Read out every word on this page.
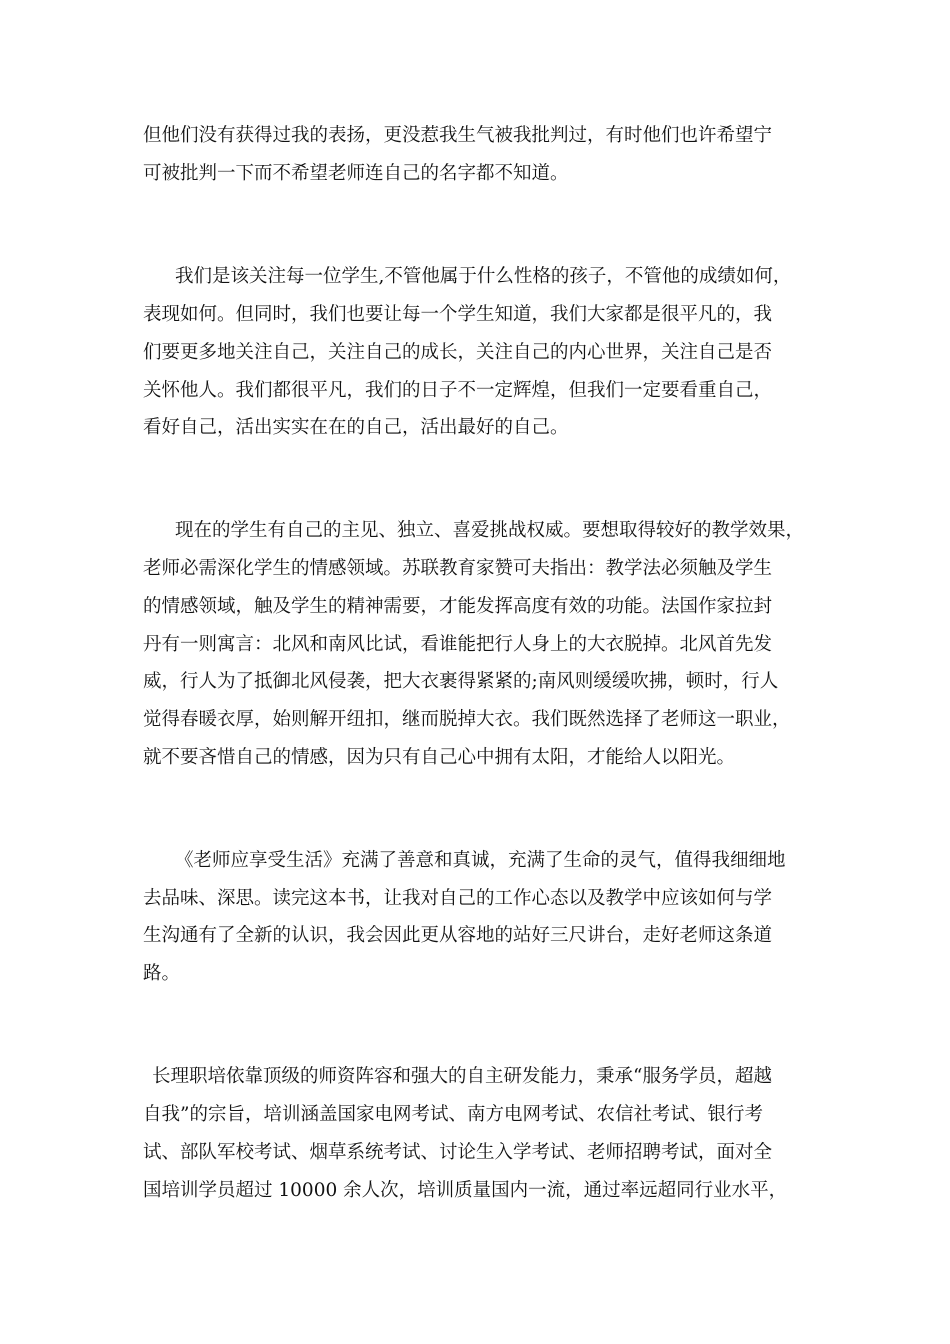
但他们没有获得过我的表扬，更没惹我生气被我批判过，有时他们也许希望宁

可被批判一下而不希望老师连自己的名字都不知道。

我们是该关注每一位学生,不管他属于什么性格的孩子，不管他的成绩如何，

表现如何。但同时，我们也要让每一个学生知道，我们大家都是很平凡的，我

们要更多地关注自己，关注自己的成长，关注自己的内心世界，关注自己是否

关怀他人。我们都很平凡，我们的日子不一定辉煌，但我们一定要看重自己，

看好自己，活出实实在在的自己，活出最好的自己。

现在的学生有自己的主见、独立、喜爱挑战权威。要想取得较好的教学效果，

老师必需深化学生的情感领域。苏联教育家赞可夫指出：教学法必须触及学生

的情感领域，触及学生的精神需要，才能发挥高度有效的功能。法国作家拉封

丹有一则寓言：北风和南风比试，看谁能把行人身上的大衣脱掉。北风首先发

威，行人为了抵御北风侵袭，把大衣裹得紧紧的;南风则缓缓吹拂，顿时，行人

觉得春暖衣厚，始则解开纽扣，继而脱掉大衣。我们既然选择了老师这一职业，

就不要吝惜自己的情感，因为只有自己心中拥有太阳，才能给人以阳光。

《老师应享受生活》充满了善意和真诚，充满了生命的灵气，值得我细细地

去品味、深思。读完这本书，让我对自己的工作心态以及教学中应该如何与学

生沟通有了全新的认识，我会因此更从容地的站好三尺讲台，走好老师这条道

路。

长理职培依靠顶级的师资阵容和强大的自主研发能力，秉承“服务学员，超越

自我”的宗旨，培训涵盖国家电网考试、南方电网考试、农信社考试、银行考

试、部队军校考试、烟草系统考试、讨论生入学考试、老师招聘考试，面对全

国培训学员超过 10000 余人次，培训质量国内一流，通过率远超同行业水平，
